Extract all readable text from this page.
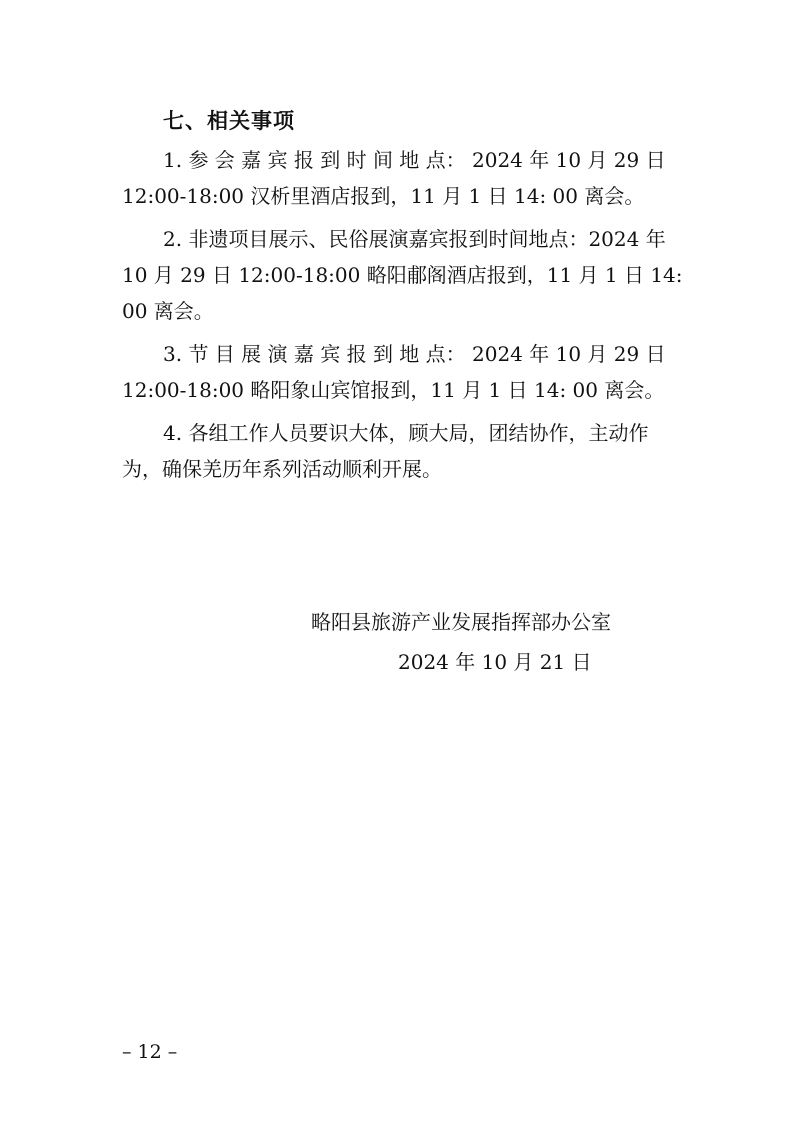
七、相关事项
1. 参 会 嘉 宾 报 到 时 间 地 点： 2024 年 10 月 29 日
12:00-18:00 汉析里酒店报到，11 月 1 日 14: 00 离会。
2. 非遗项目展示、民俗展演嘉宾报到时间地点：2024 年
10 月 29 日 12:00-18:00 略阳郙阁酒店报到，11 月 1 日 14:
00 离会。
3. 节 目 展 演 嘉 宾 报 到 地 点： 2024 年 10 月 29 日
12:00-18:00 略阳象山宾馆报到，11 月 1 日 14: 00 离会。
4. 各组工作人员要识大体，顾大局，团结协作，主动作
为，确保羌历年系列活动顺利开展。
略阳县旅游产业发展指挥部办公室
2024 年 10 月 21 日
– 12 –
